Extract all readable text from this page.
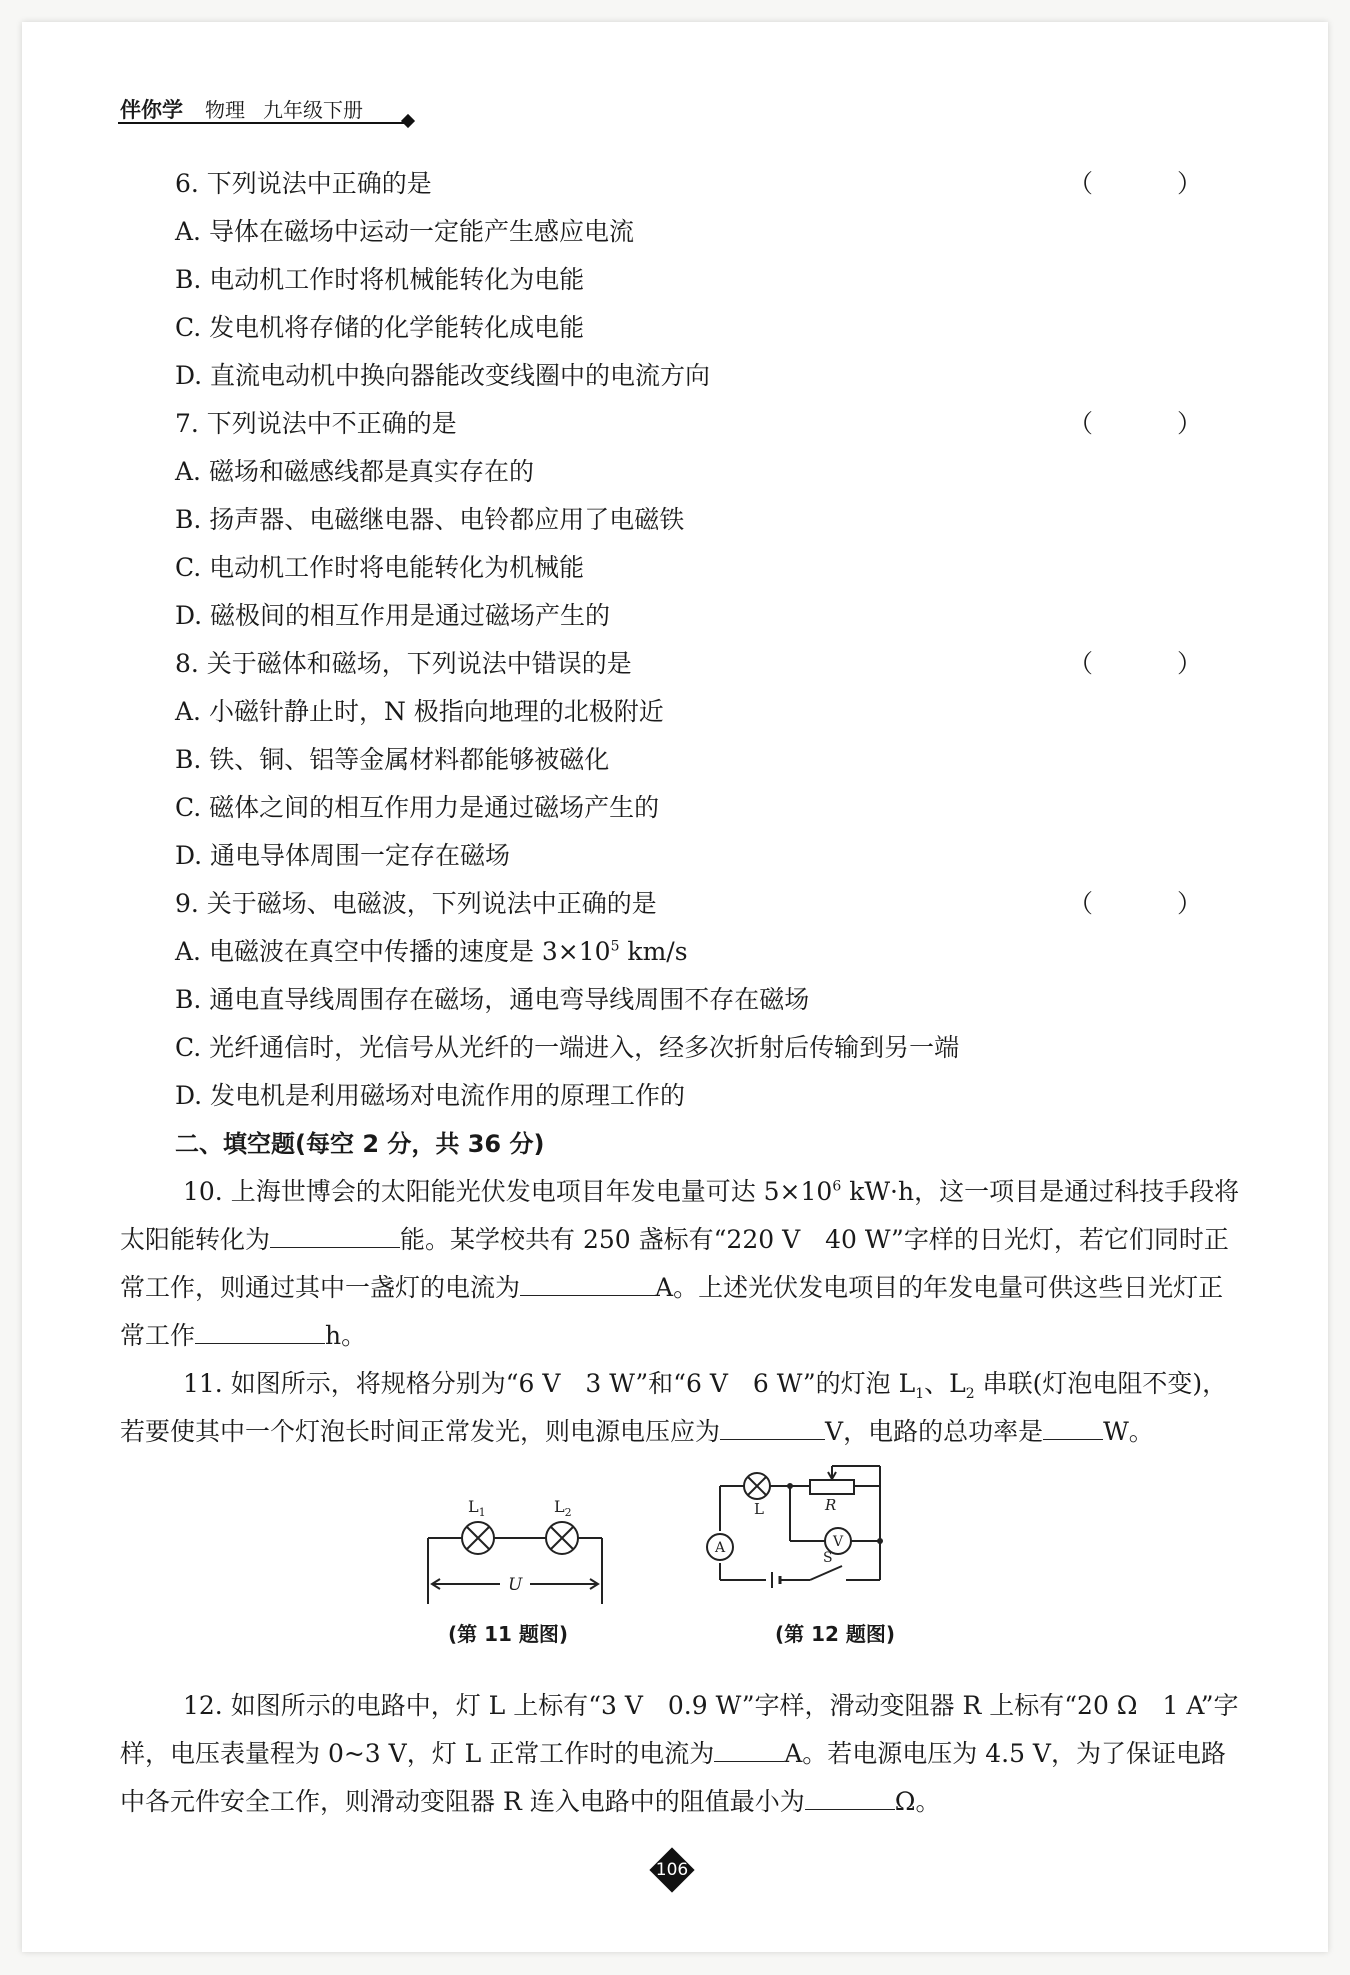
伴你学 物理 九年级下册
6. 下列说法中正确的是	（ ）
A. 导体在磁场中运动一定能产生感应电流
B. 电动机工作时将机械能转化为电能
C. 发电机将存储的化学能转化成电能
D. 直流电动机中换向器能改变线圈中的电流方向
7. 下列说法中不正确的是	（ ）
A. 磁场和磁感线都是真实存在的
B. 扬声器、电磁继电器、电铃都应用了电磁铁
C. 电动机工作时将电能转化为机械能
D. 磁极间的相互作用是通过磁场产生的
8. 关于磁体和磁场，下列说法中错误的是	（ ）
A. 小磁针静止时，N 极指向地理的北极附近
B. 铁、铜、铝等金属材料都能够被磁化
C. 磁体之间的相互作用力是通过磁场产生的
D. 通电导体周围一定存在磁场
9. 关于磁场、电磁波，下列说法中正确的是	（ ）
A. 电磁波在真空中传播的速度是 $3\times 10^5$ km/s
B. 通电直导线周围存在磁场，通电弯导线周围不存在磁场
C. 光纤通信时，光信号从光纤的一端进入，经多次折射后传输到另一端
D. 发电机是利用磁场对电流作用的原理工作的
二、填空题(每空 2 分，共 36 分)
10. 上海世博会的太阳能光伏发电项目年发电量可达 $5\times 10^6$ kW·h，这一项目是通过科技手段将太阳能转化为	能。某学校共有 250 盏标有“220 V　40 W”字样的日光灯，若它们同时正常工作，则通过其中一盏灯的电流为	A。上述光伏发电项目的年发电量可供这些日光灯正常工作	h。
11. 如图所示，将规格分别为“6 V　3 W”和“6 V　6 W”的灯泡 $L_1$、$L_2$ 串联(灯泡电阻不变)，若要使其中一个灯泡长时间正常发光，则电源电压应为	V，电路的总功率是 W。
$L_1$	$L_2$
U
L	R
V
A
S
(第 11 题图)	(第 12 题图)
12. 如图所示的电路中，灯 L 上标有“3 V　0.9 W”字样，滑动变阻器 R 上标有“20 Ω　1 A”字样，电压表量程为 0~3 V，灯 L 正常工作时的电流为	A。若电源电压为 4.5 V，为了保证电路中各元件安全工作，则滑动变阻器 R 连入电路中的阻值最小为	Ω。
106
